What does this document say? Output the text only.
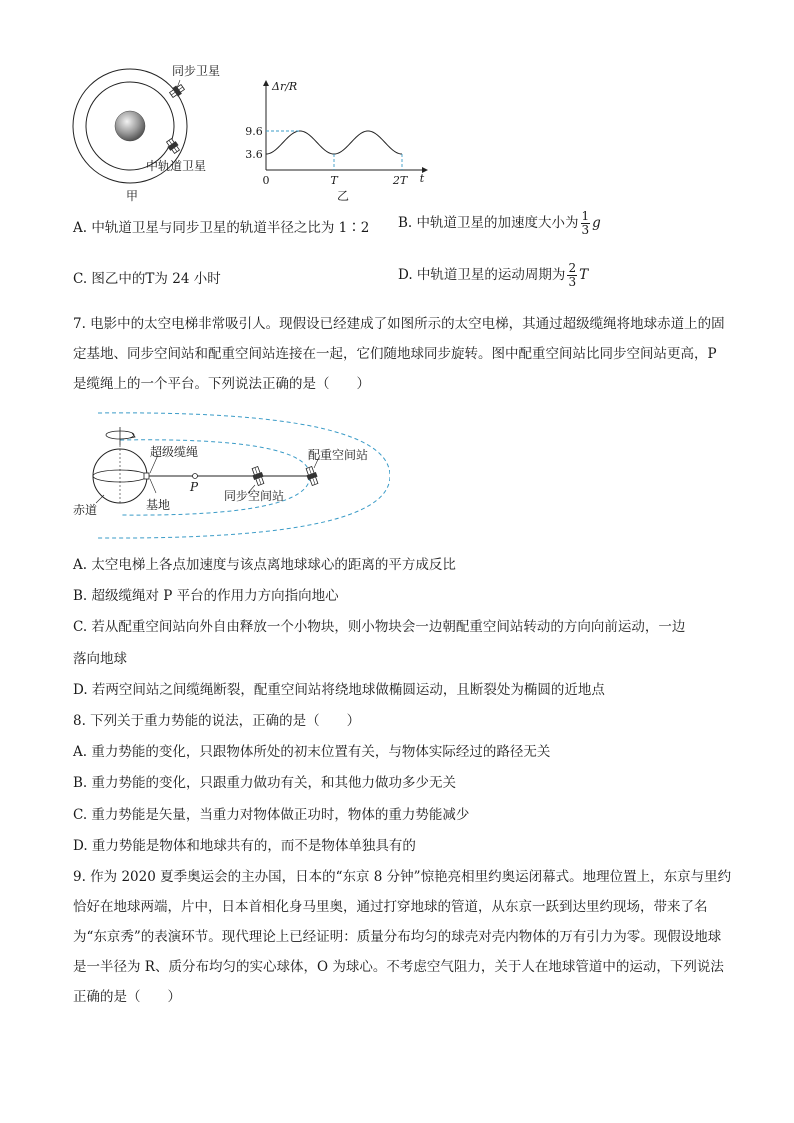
同步卫星
中轨道卫星
甲
9.6
3.6
0	T	2T t
Δr/R
乙
A. 中轨道卫星与同步卫星的轨道半径之比为 1∶2 B. 中轨道卫星的加速度大小为 $\frac{1}{3}$ g
C. 图乙中的T为 24 小时	D. 中轨道卫星的运动周期为 $\frac{2}{3}$ T
7. 电影中的太空电梯非常吸引人。现假设已经建成了如图所示的太空电梯，其通过超级缆绳将地球赤道上的固定基地、同步空间站和配重空间站连接在一起，它们随地球同步旋转。图中配重空间站比同步空间站更高，P 是缆绳上的一个平台。下列说法正确的是（　　）
超级缆绳	配重空间站
P
基地
同步空间站
赤道
A. 太空电梯上各点加速度与该点离地球球心的距离的平方成反比
B. 超级缆绳对 P 平台的作用力方向指向地心
C. 若从配重空间站向外自由释放一个小物块，则小物块会一边朝配重空间站转动的方向向前运动，一边
落向地球
D. 若两空间站之间缆绳断裂，配重空间站将绕地球做椭圆运动，且断裂处为椭圆的近地点
8. 下列关于重力势能的说法，正确的是（　　）
A. 重力势能的变化，只跟物体所处的初末位置有关，与物体实际经过的路径无关
B. 重力势能的变化，只跟重力做功有关，和其他力做功多少无关
C. 重力势能是矢量，当重力对物体做正功时，物体的重力势能减少
D. 重力势能是物体和地球共有的，而不是物体单独具有的
9. 作为 2020 夏季奥运会的主办国，日本的“东京 8 分钟”惊艳亮相里约奥运闭幕式。地理位置上，东京与里约恰好在地球两端，片中，日本首相化身马里奥，通过打穿地球的管道，从东京一跃到达里约现场，带来了名为“东京秀”的表演环节。现代理论上已经证明：质量分布均匀的球壳对壳内物体的万有引力为零。现假设地球是一半径为 R、质分布均匀的实心球体，O 为球心。不考虑空气阻力，关于人在地球管道中的运动，下列说法正确的是（　　）
